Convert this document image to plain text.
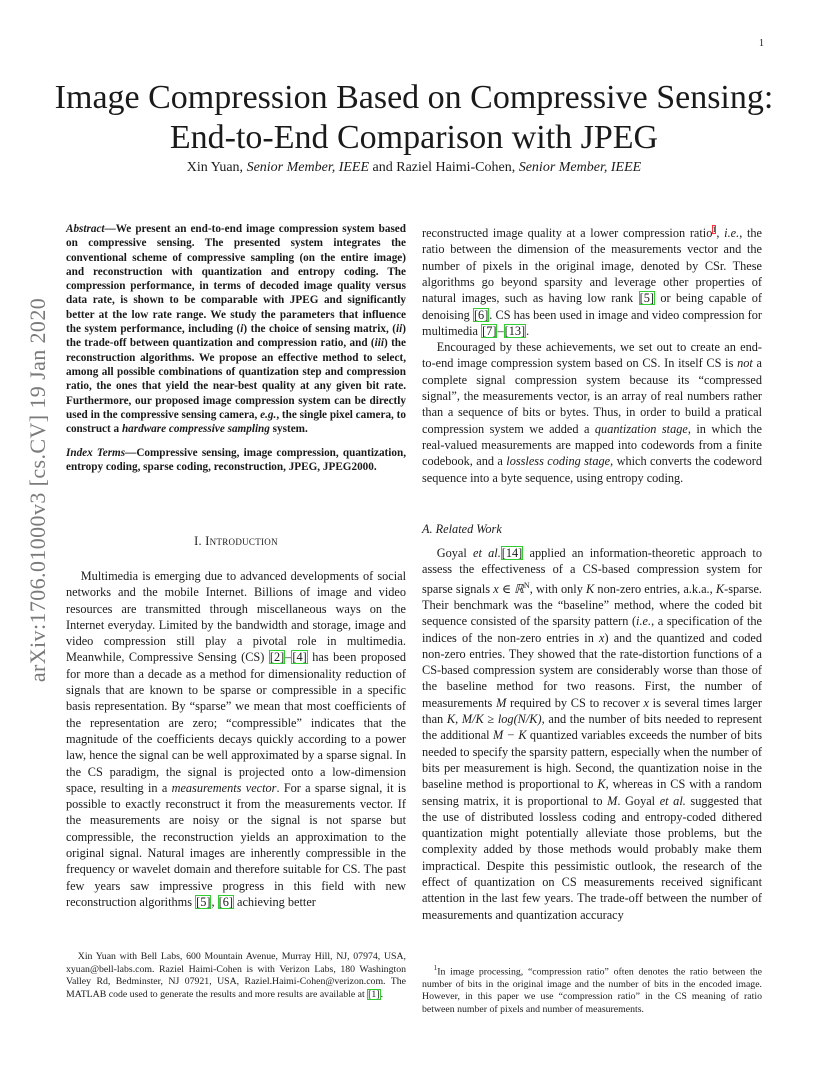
1
arXiv:1706.01000v3 [cs.CV] 19 Jan 2020
Image Compression Based on Compressive Sensing:
End-to-End Comparison with JPEG
Xin Yuan, Senior Member, IEEE and Raziel Haimi-Cohen, Senior Member, IEEE
Abstract—We present an end-to-end image compression system based on compressive sensing. The presented system integrates the conventional scheme of compressive sampling (on the entire image) and reconstruction with quantization and entropy coding. The compression performance, in terms of decoded image quality versus data rate, is shown to be comparable with JPEG and significantly better at the low rate range. We study the parameters that influence the system performance, including (i) the choice of sensing matrix, (ii) the trade-off between quantization and compression ratio, and (iii) the reconstruction algorithms. We propose an effective method to select, among all possible combinations of quantization step and compression ratio, the ones that yield the near-best quality at any given bit rate. Furthermore, our proposed image compression system can be directly used in the compressive sensing camera, e.g., the single pixel camera, to construct a hardware compressive sampling system.
Index Terms—Compressive sensing, image compression, quantization, entropy coding, sparse coding, reconstruction, JPEG, JPEG2000.
I. Introduction

Multimedia is emerging due to advanced developments of social networks and the mobile Internet. Billions of image and video resources are transmitted through miscellaneous ways on the Internet everyday. Limited by the bandwidth and storage, image and video compression still play a pivotal role in multimedia. Meanwhile, Compressive Sensing (CS) [2]–[4] has been proposed for more than a decade as a method for dimensionality reduction of signals that are known to be sparse or compressible in a specific basis representation. By “sparse” we mean that most coefficients of the representation are zero; “compressible” indicates that the magnitude of the coefficients decays quickly according to a power law, hence the signal can be well approximated by a sparse signal. In the CS paradigm, the signal is projected onto a low-dimension space, resulting in a measurements vector. For a sparse signal, it is possible to exactly reconstruct it from the measurements vector. If the measurements are noisy or the signal is not sparse but compressible, the reconstruction yields an approximation to the original signal. Natural images are inherently compressible in the frequency or wavelet domain and therefore suitable for CS. The past few years saw impressive progress in this field with new reconstruction algorithms [5], [6] achieving better

Xin Yuan with Bell Labs, 600 Mountain Avenue, Murray Hill, NJ, 07974, USA, xyuan@bell-labs.com. Raziel Haimi-Cohen is with Verizon Labs, 180 Washington Valley Rd, Bedminster, NJ 07921, USA, Raziel.Haimi-Cohen@verizon.com. The MATLAB code used to generate the results and more results are available at [1].

reconstructed image quality at a lower compression ratio$^1$, i.e., the ratio between the dimension of the measurements vector and the number of pixels in the original image, denoted by CSr. These algorithms go beyond sparsity and leverage other properties of natural images, such as having low rank [5] or being capable of denoising [6]. CS has been used in image and video compression for multimedia [7]–[13].

Encouraged by these achievements, we set out to create an end-to-end image compression system based on CS. In itself CS is not a complete signal compression system because its “compressed signal”, the measurements vector, is an array of real numbers rather than a sequence of bits or bytes. Thus, in order to build a pratical compression system we added a quantization stage, in which the real-valued measurements are mapped into codewords from a finite codebook, and a lossless coding stage, which converts the codeword sequence into a byte sequence, using entropy coding.

A. Related Work

Goyal et al.[14] applied an information-theoretic approach to assess the effectiveness of a CS-based compression system for sparse signals x ∈ ℝ$^N$, with only K non-zero entries, a.k.a., K-sparse. Their benchmark was the “baseline” method, where the coded bit sequence consisted of the sparsity pattern (i.e., a specification of the indices of the non-zero entries in x) and the quantized and coded non-zero entries. They showed that the rate-distortion functions of a CS-based compression system are considerably worse than those of the baseline method for two reasons. First, the number of measurements M required by CS to recover x is several times larger than K, M/K ≥ log(N/K), and the number of bits needed to represent the additional M − K quantized variables exceeds the number of bits needed to specify the sparsity pattern, especially when the number of bits per measurement is high. Second, the quantization noise in the baseline method is proportional to K, whereas in CS with a random sensing matrix, it is proportional to M. Goyal et al. suggested that the use of distributed lossless coding and entropy-coded dithered quantization might potentially alleviate those problems, but the complexity added by those methods would probably make them impractical. Despite this pessimistic outlook, the research of the effect of quantization on CS measurements received significant attention in the last few years. The trade-off between the number of measurements and quantization accuracy

$^1$In image processing, “compression ratio” often denotes the ratio between the number of bits in the original image and the number of bits in the encoded image. However, in this paper we use “compression ratio” in the CS meaning of ratio between number of pixels and number of measurements.
